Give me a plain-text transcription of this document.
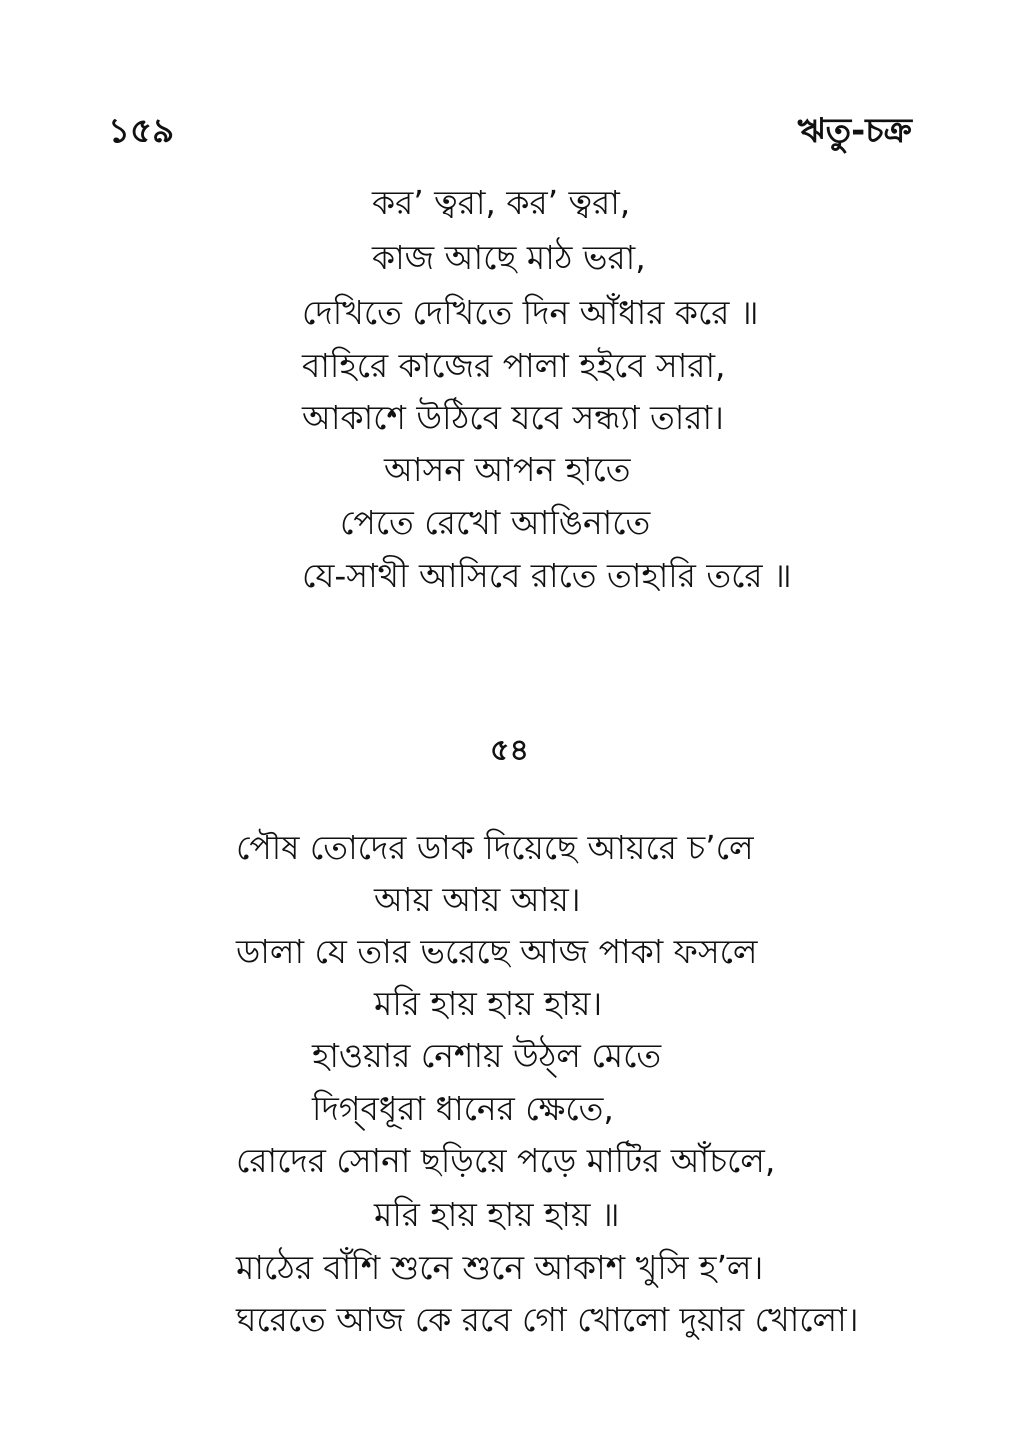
১৫৯	ঋতু-চক্র
কর’ ত্বরা, কর’ ত্বরা,
কাজ আছে মাঠ ভরা,
দেখিতে দেখিতে দিন আঁধার করে ॥
বাহিরে কাজের পালা হইবে সারা,
আকাশে উঠিবে যবে সন্ধ্যা তারা।
আসন আপন হাতে
পেতে রেখো আঙিনাতে
যে-সাথী আসিবে রাতে তাহারি তরে ॥
৫৪
পৌষ তোদের ডাক দিয়েছে আয়রে চ’লে
আয় আয় আয়।
ডালা যে তার ভরেছে আজ পাকা ফসলে
মরি হায় হায় হায়।
হাওয়ার নেশায় উঠ্‌ল মেতে
দিগ্‌বধূরা ধানের ক্ষেতে,
রোদের সোনা ছড়িয়ে পড়ে মাটির আঁচলে,
মরি হায় হায় হায় ॥
মাঠের বাঁশি শুনে শুনে আকাশ খুসি হ’ল।
ঘরেতে আজ কে রবে গো খোলো দুয়ার খোলো।
